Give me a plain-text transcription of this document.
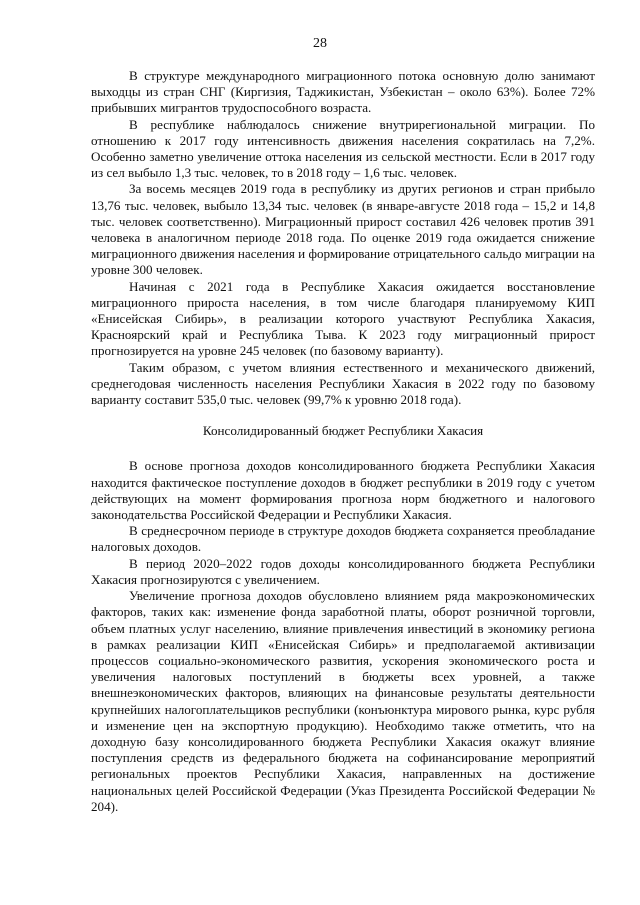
28

В структуре международного миграционного потока основную долю занимают выходцы из стран СНГ (Киргизия, Таджикистан, Узбекистан – около 63%). Более 72% прибывших мигрантов трудоспособного возраста.

В республике наблюдалось снижение внутрирегиональной миграции. По отношению к 2017 году интенсивность движения населения сократилась на 7,2%. Особенно заметно увеличение оттока населения из сельской местности. Если в 2017 году из сел выбыло 1,3 тыс. человек, то в 2018 году – 1,6 тыс. человек.

За восемь месяцев 2019 года в республику из других регионов и стран прибыло 13,76 тыс. человек, выбыло 13,34 тыс. человек (в январе-августе 2018 года – 15,2 и 14,8 тыс. человек соответственно). Миграционный прирост составил 426 человек против 391 человека в аналогичном периоде 2018 года. По оценке 2019 года ожидается снижение миграционного движения населения и формирование отрицательного сальдо миграции на уровне 300 человек.

Начиная с 2021 года в Республике Хакасия ожидается восстановление миграционного прироста населения, в том числе благодаря планируемому КИП «Енисейская Сибирь», в реализации которого участвуют Республика Хакасия, Красноярский край и Республика Тыва. К 2023 году миграционный прирост прогнозируется на уровне 245 человек (по базовому варианту).

Таким образом, с учетом влияния естественного и механического движений, среднегодовая численность населения Республики Хакасия в 2022 году по базовому варианту составит 535,0 тыс. человек (99,7% к уровню 2018 года).

Консолидированный бюджет Республики Хакасия

В основе прогноза доходов консолидированного бюджета Республики Хакасия находится фактическое поступление доходов в бюджет республики в 2019 году с учетом действующих на момент формирования прогноза норм бюджетного и налогового законодательства Российской Федерации и Республики Хакасия.

В среднесрочном периоде в структуре доходов бюджета сохраняется преобладание налоговых доходов.

В период 2020–2022 годов доходы консолидированного бюджета Республики Хакасия прогнозируются с увеличением.

Увеличение прогноза доходов обусловлено влиянием ряда макроэкономических факторов, таких как: изменение фонда заработной платы, оборот розничной торговли, объем платных услуг населению, влияние привлечения инвестиций в экономику региона в рамках реализации КИП «Енисейская Сибирь» и предполагаемой активизации процессов социально-экономического развития, ускорения экономического роста и увеличения налоговых поступлений в бюджеты всех уровней, а также внешнеэкономических факторов, влияющих на финансовые результаты деятельности крупнейших налогоплательщиков республики (конъюнктура мирового рынка, курс рубля и изменение цен на экспортную продукцию). Необходимо также отметить, что на доходную базу консолидированного бюджета Республики Хакасия окажут влияние поступления средств из федерального бюджета на софинансирование мероприятий региональных проектов Республики Хакасия, направленных на достижение национальных целей Российской Федерации (Указ Президента Российской Федерации № 204).
